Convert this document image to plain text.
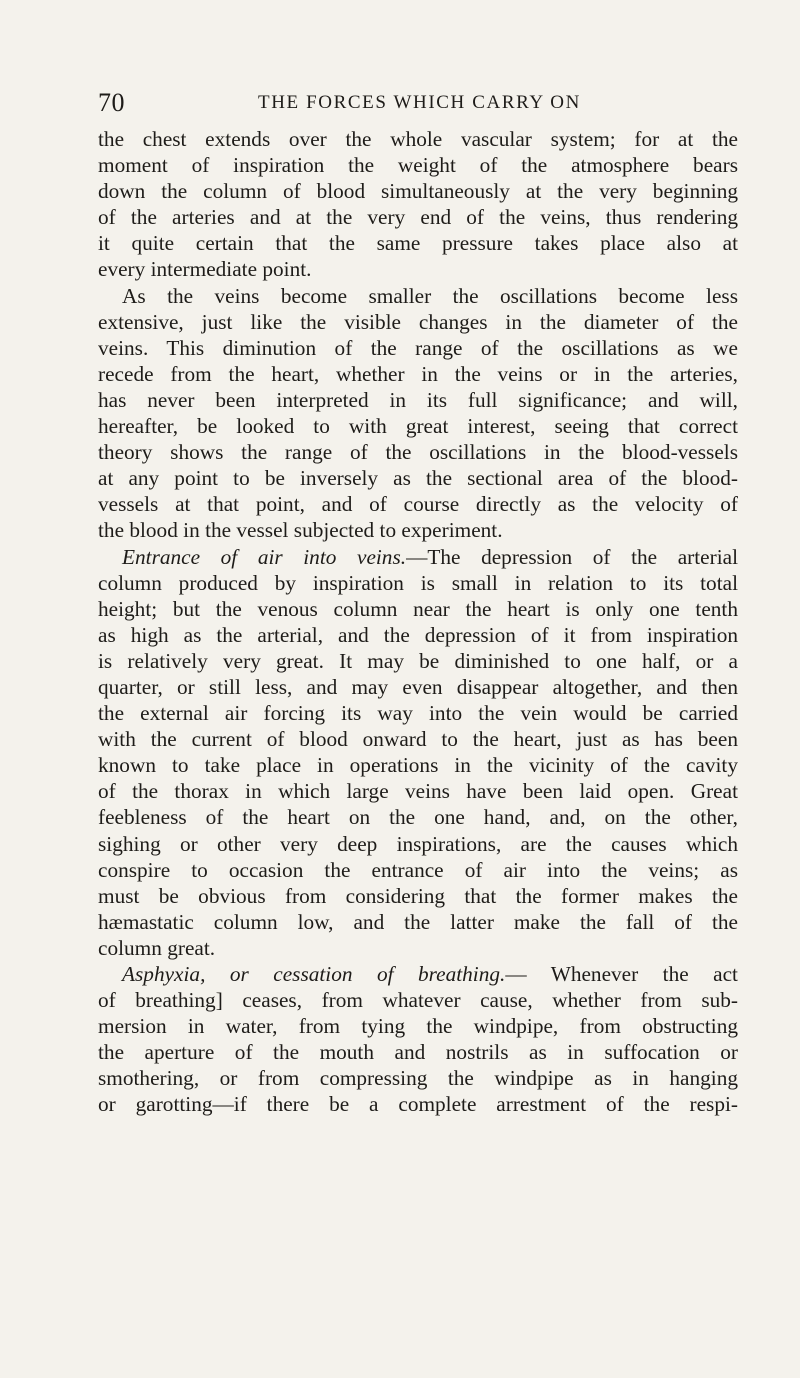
70	THE FORCES WHICH CARRY ON
the chest extends over the whole vascular system; for at the
moment of inspiration the weight of the atmosphere bears
down the column of blood simultaneously at the very beginning
of the arteries and at the very end of the veins, thus rendering
it quite certain that the same pressure takes place also at
every intermediate point.
As the veins become smaller the oscillations become less
extensive, just like the visible changes in the diameter of the
veins. This diminution of the range of the oscillations as we
recede from the heart, whether in the veins or in the arteries,
has never been interpreted in its full significance; and will,
hereafter, be looked to with great interest, seeing that correct
theory shows the range of the oscillations in the blood-vessels
at any point to be inversely as the sectional area of the blood-
vessels at that point, and of course directly as the velocity of
the blood in the vessel subjected to experiment.
Entrance of air into veins.—The depression of the arterial
column produced by inspiration is small in relation to its total
height; but the venous column near the heart is only one tenth
as high as the arterial, and the depression of it from inspiration
is relatively very great. It may be diminished to one half, or a
quarter, or still less, and may even disappear altogether, and then
the external air forcing its way into the vein would be carried
with the current of blood onward to the heart, just as has been
known to take place in operations in the vicinity of the cavity
of the thorax in which large veins have been laid open. Great
feebleness of the heart on the one hand, and, on the other,
sighing or other very deep inspirations, are the causes which
conspire to occasion the entrance of air into the veins; as
must be obvious from considering that the former makes the
hæmastatic column low, and the latter make the fall of the
column great.
Asphyxia, or cessation of breathing.— Whenever the act
of breathing] ceases, from whatever cause, whether from sub-
mersion in water, from tying the windpipe, from obstructing
the aperture of the mouth and nostrils as in suffocation or
smothering, or from compressing the windpipe as in hanging
or garotting—if there be a complete arrestment of the respi-
